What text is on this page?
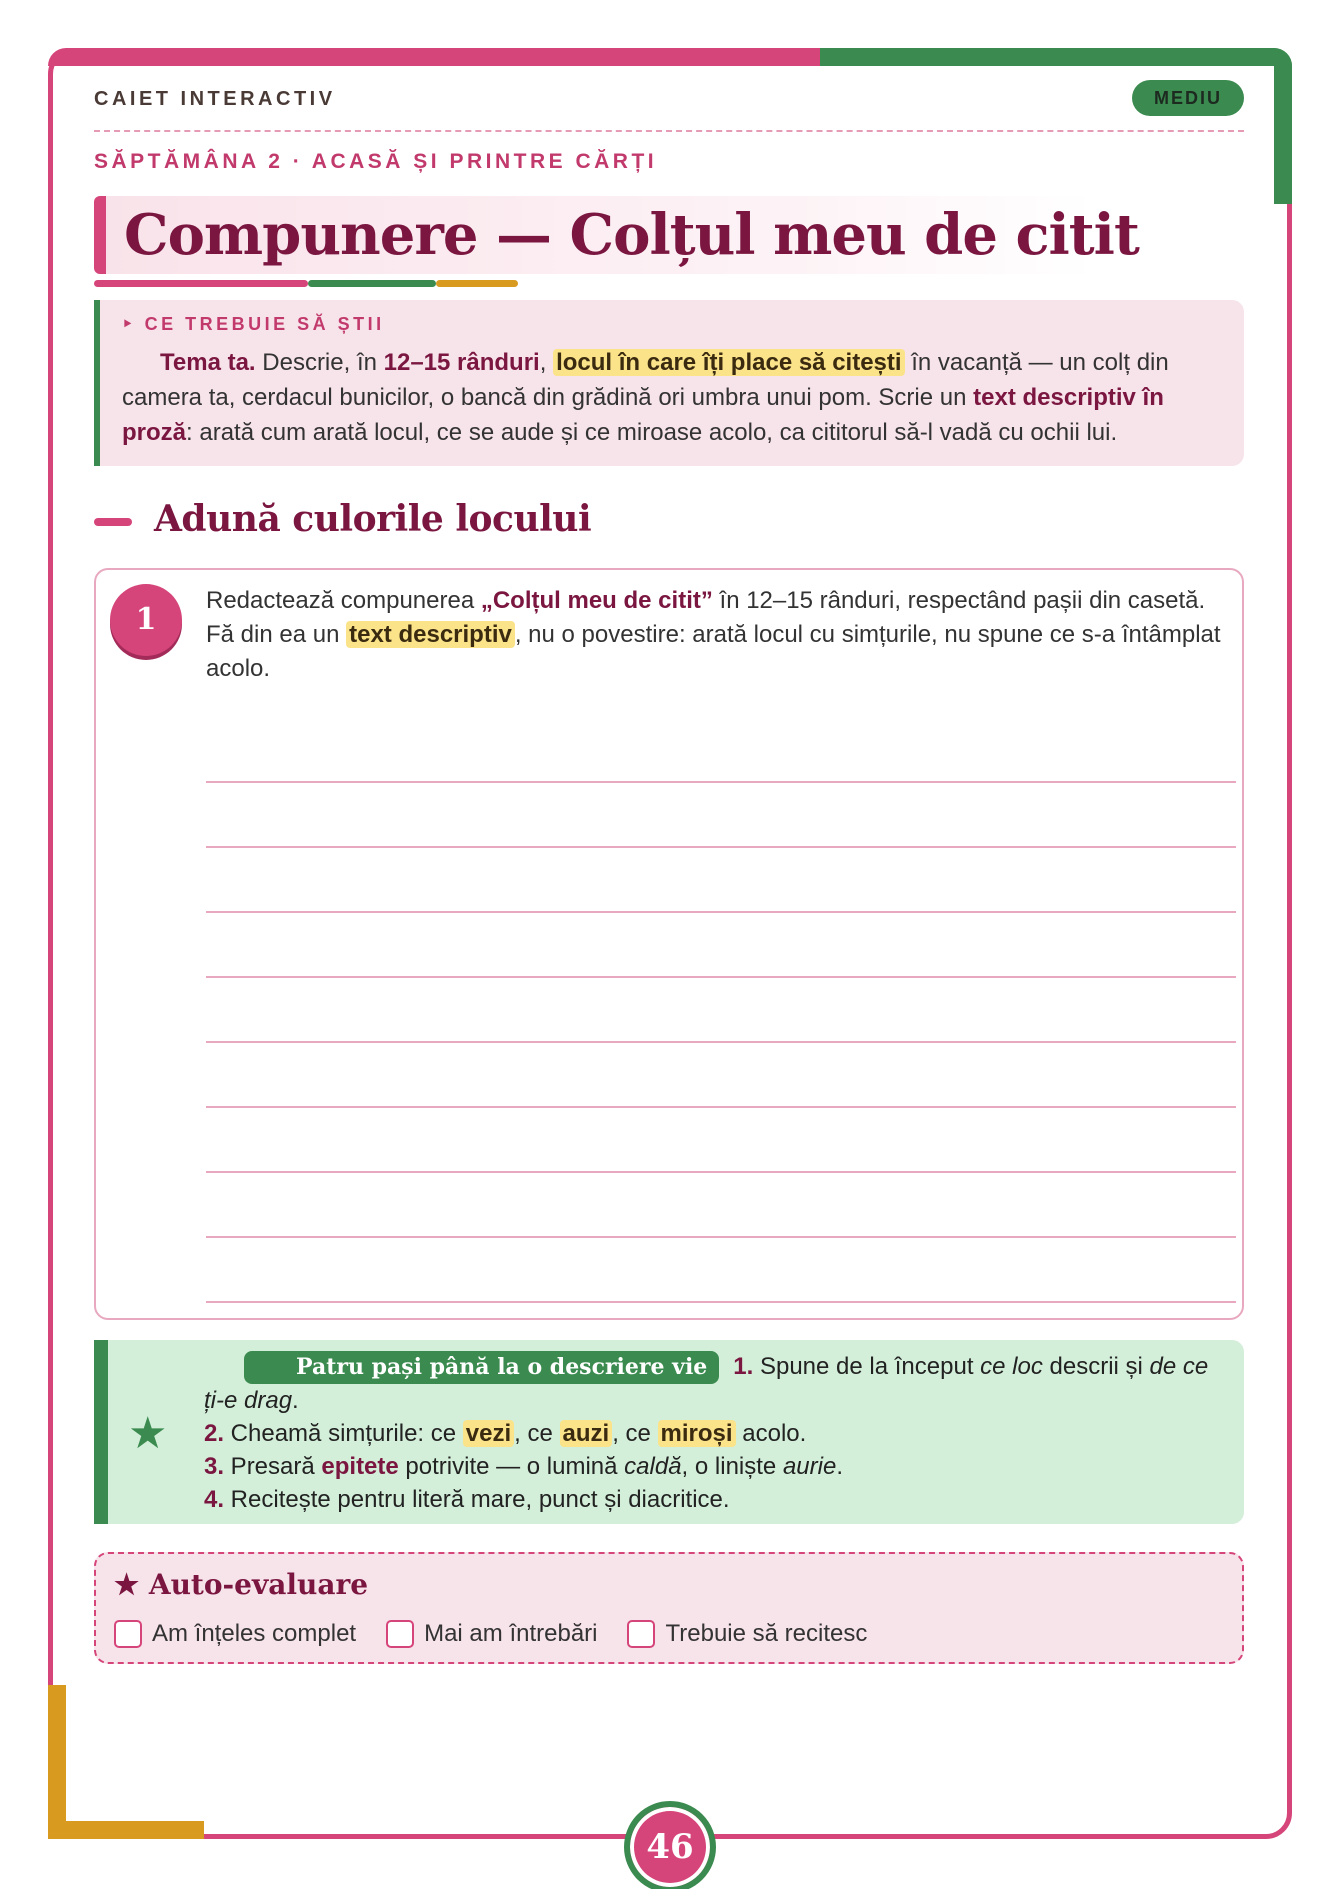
CAIET INTERACTIV	MEDIU
SĂPTĂMÂNA 2 · ACASĂ ȘI PRINTRE CĂRȚI
Compunere — Colțul meu de citit
‣ CE TREBUIE SĂ ȘTII

Tema ta. Descrie, în 12–15 rânduri, locul în care îți place să citești în vacanță — un colț din camera ta, cerdacul bunicilor, o bancă din grădină ori umbra unui pom. Scrie un text descriptiv în proză: arată cum arată locul, ce se aude și ce miroase acolo, ca cititorul să-l vadă cu ochii lui.

Adună culorile locului
1

Redactează compunerea „Colțul meu de citit” în 12–15 rânduri, respectând pașii din casetă. Fă din ea un text descriptiv , nu o povestire: arată locul cu simțurile, nu spune ce s-a întâmplat acolo.

★
Patru pași până la o descriere vie 1. Spune de la început ce loc descrii și de ce ți-e drag.
2. Cheamă simțurile: ce vezi , ce auzi , ce miroși acolo.
3. Presară epitete potrivite — o lumină caldă, o liniște aurie.
4. Recitește pentru literă mare, punct și diacritice.
★ Auto-evaluare
Am înțeles complet	Mai am întrebări	Trebuie să recitesc
46
